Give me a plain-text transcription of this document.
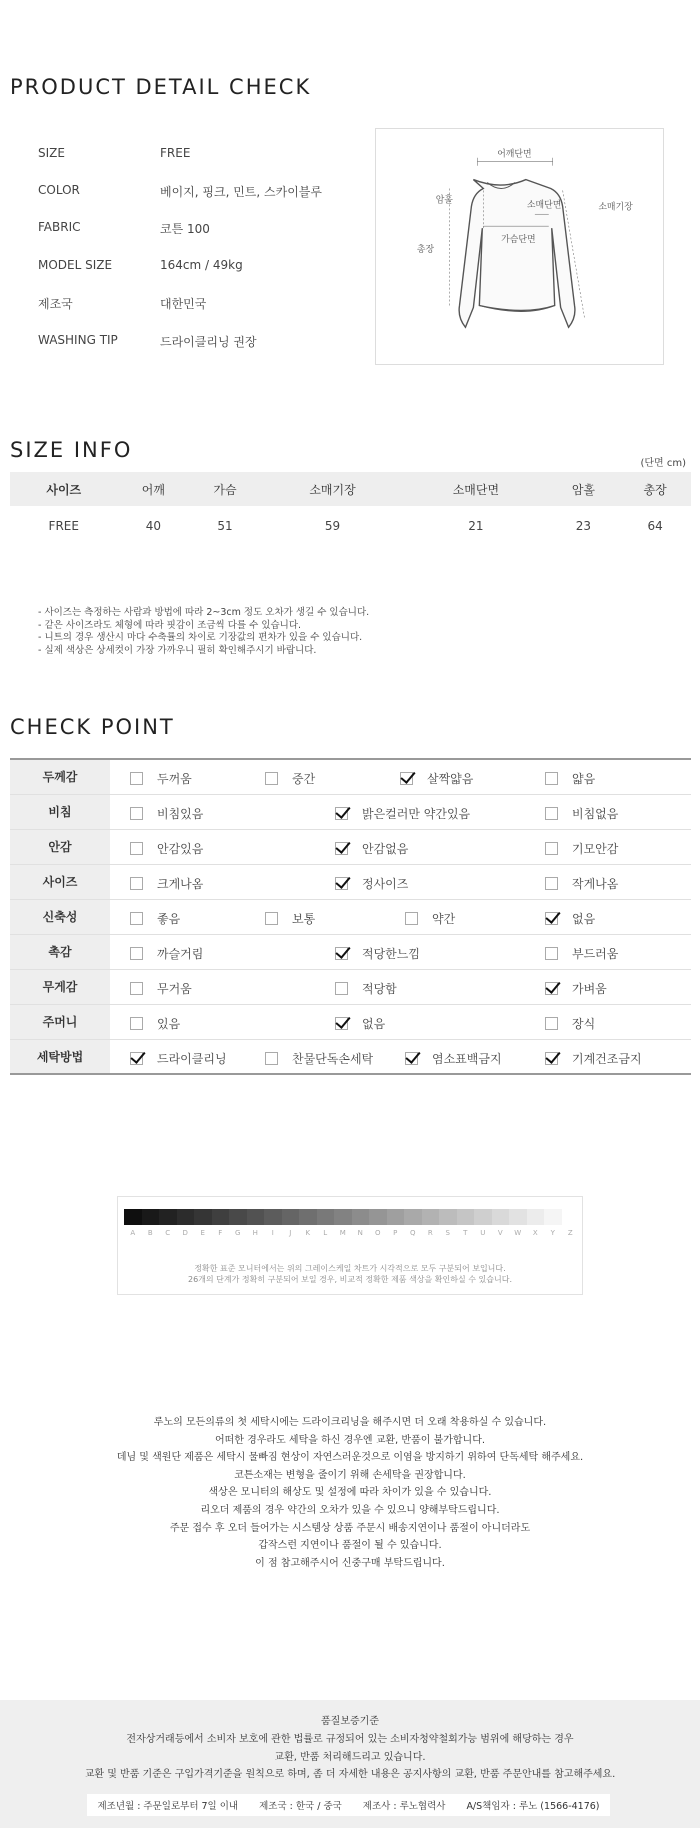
PRODUCT DETAIL CHECK
SIZE	FREE
COLOR	베이지, 핑크, 민트, 스카이블루
FABRIC	코튼 100
MODEL SIZE	164cm / 49kg
제조국	대한민국
WASHING TIP	드라이클리닝 권장
어깨단면
암홀	소매단면	소매기장
가슴단면
총장
SIZE INFO
(단면 cm)
사이즈	어깨	가슴	소매기장	소매단면	암홀	총장
FREE	40	51	59	21	23	64
- 사이즈는 측정하는 사람과 방법에 따라 2~3cm 정도 오차가 생길 수 있습니다.
- 같은 사이즈라도 체형에 따라 핏감이 조금씩 다를 수 있습니다.
- 니트의 경우 생산시 마다 수축률의 차이로 기장값의 편차가 있을 수 있습니다.
- 실제 색상은 상세컷이 가장 가까우니 필히 확인해주시기 바랍니다.
CHECK POINT
두께감	두꺼움 중간 살짝얇음 얇음

비침	비침있음 밝은컬러만 약간있음 비침없음

안감	안감있음 안감없음 기모안감

사이즈	크게나옴 정사이즈 작게나옴

신축성	좋음 보통 약간 없음

촉감	까슬거림 적당한느낌 부드러움

무게감	무거움 적당함 가벼움

주머니	있음 없음 장식

세탁방법	드라이클리닝 찬물단독손세탁 염소표백금지 기계건조금지
A	B	C	D	E	F	G	H	I	J	K	L	M	N	O	P	Q	R	S	T	U	V	W	X	Y	Z
정확한 표준 모니터에서는 위의 그레이스케일 차트가 시각적으로 모두 구분되어 보입니다.
26개의 단계가 정확히 구분되어 보일 경우, 비교적 정확한 제품 색상을 확인하실 수 있습니다.
루노의 모든의류의 첫 세탁시에는 드라이크리닝을 해주시면 더 오래 착용하실 수 있습니다.
어떠한 경우라도 세탁을 하신 경우엔 교환, 반품이 불가합니다.
데님 및 색원단 제품은 세탁시 물빠짐 현상이 자연스러운것으로 이염을 방지하기 위하여 단독세탁 해주세요.
코튼소재는 변형을 줄이기 위해 손세탁을 권장합니다.
색상은 모니터의 해상도 및 설정에 따라 차이가 있을 수 있습니다.
리오더 제품의 경우 약간의 오차가 있을 수 있으니 양해부탁드립니다.
주문 접수 후 오더 들어가는 시스템상 상품 주문시 배송지연이나 품절이 아니더라도
갑작스런 지연이나 품절이 될 수 있습니다.
이 점 참고해주시어 신중구매 부탁드립니다.
품질보증기준
전자상거래등에서 소비자 보호에 관한 법률로 규정되어 있는 소비자청약철회가능 범위에 해당하는 경우
교환, 반품 처리해드리고 있습니다.
교환 및 반품 기준은 구입가격기준을 원칙으로 하며, 좀 더 자세한 내용은 공지사항의 교환, 반품 주문안내를 참고해주세요.
제조년월 : 주문일로부터 7일 이내 제조국 : 한국 / 중국 제조사 : 루노협력사 A/S책임자 : 루노 (1566-4176)
